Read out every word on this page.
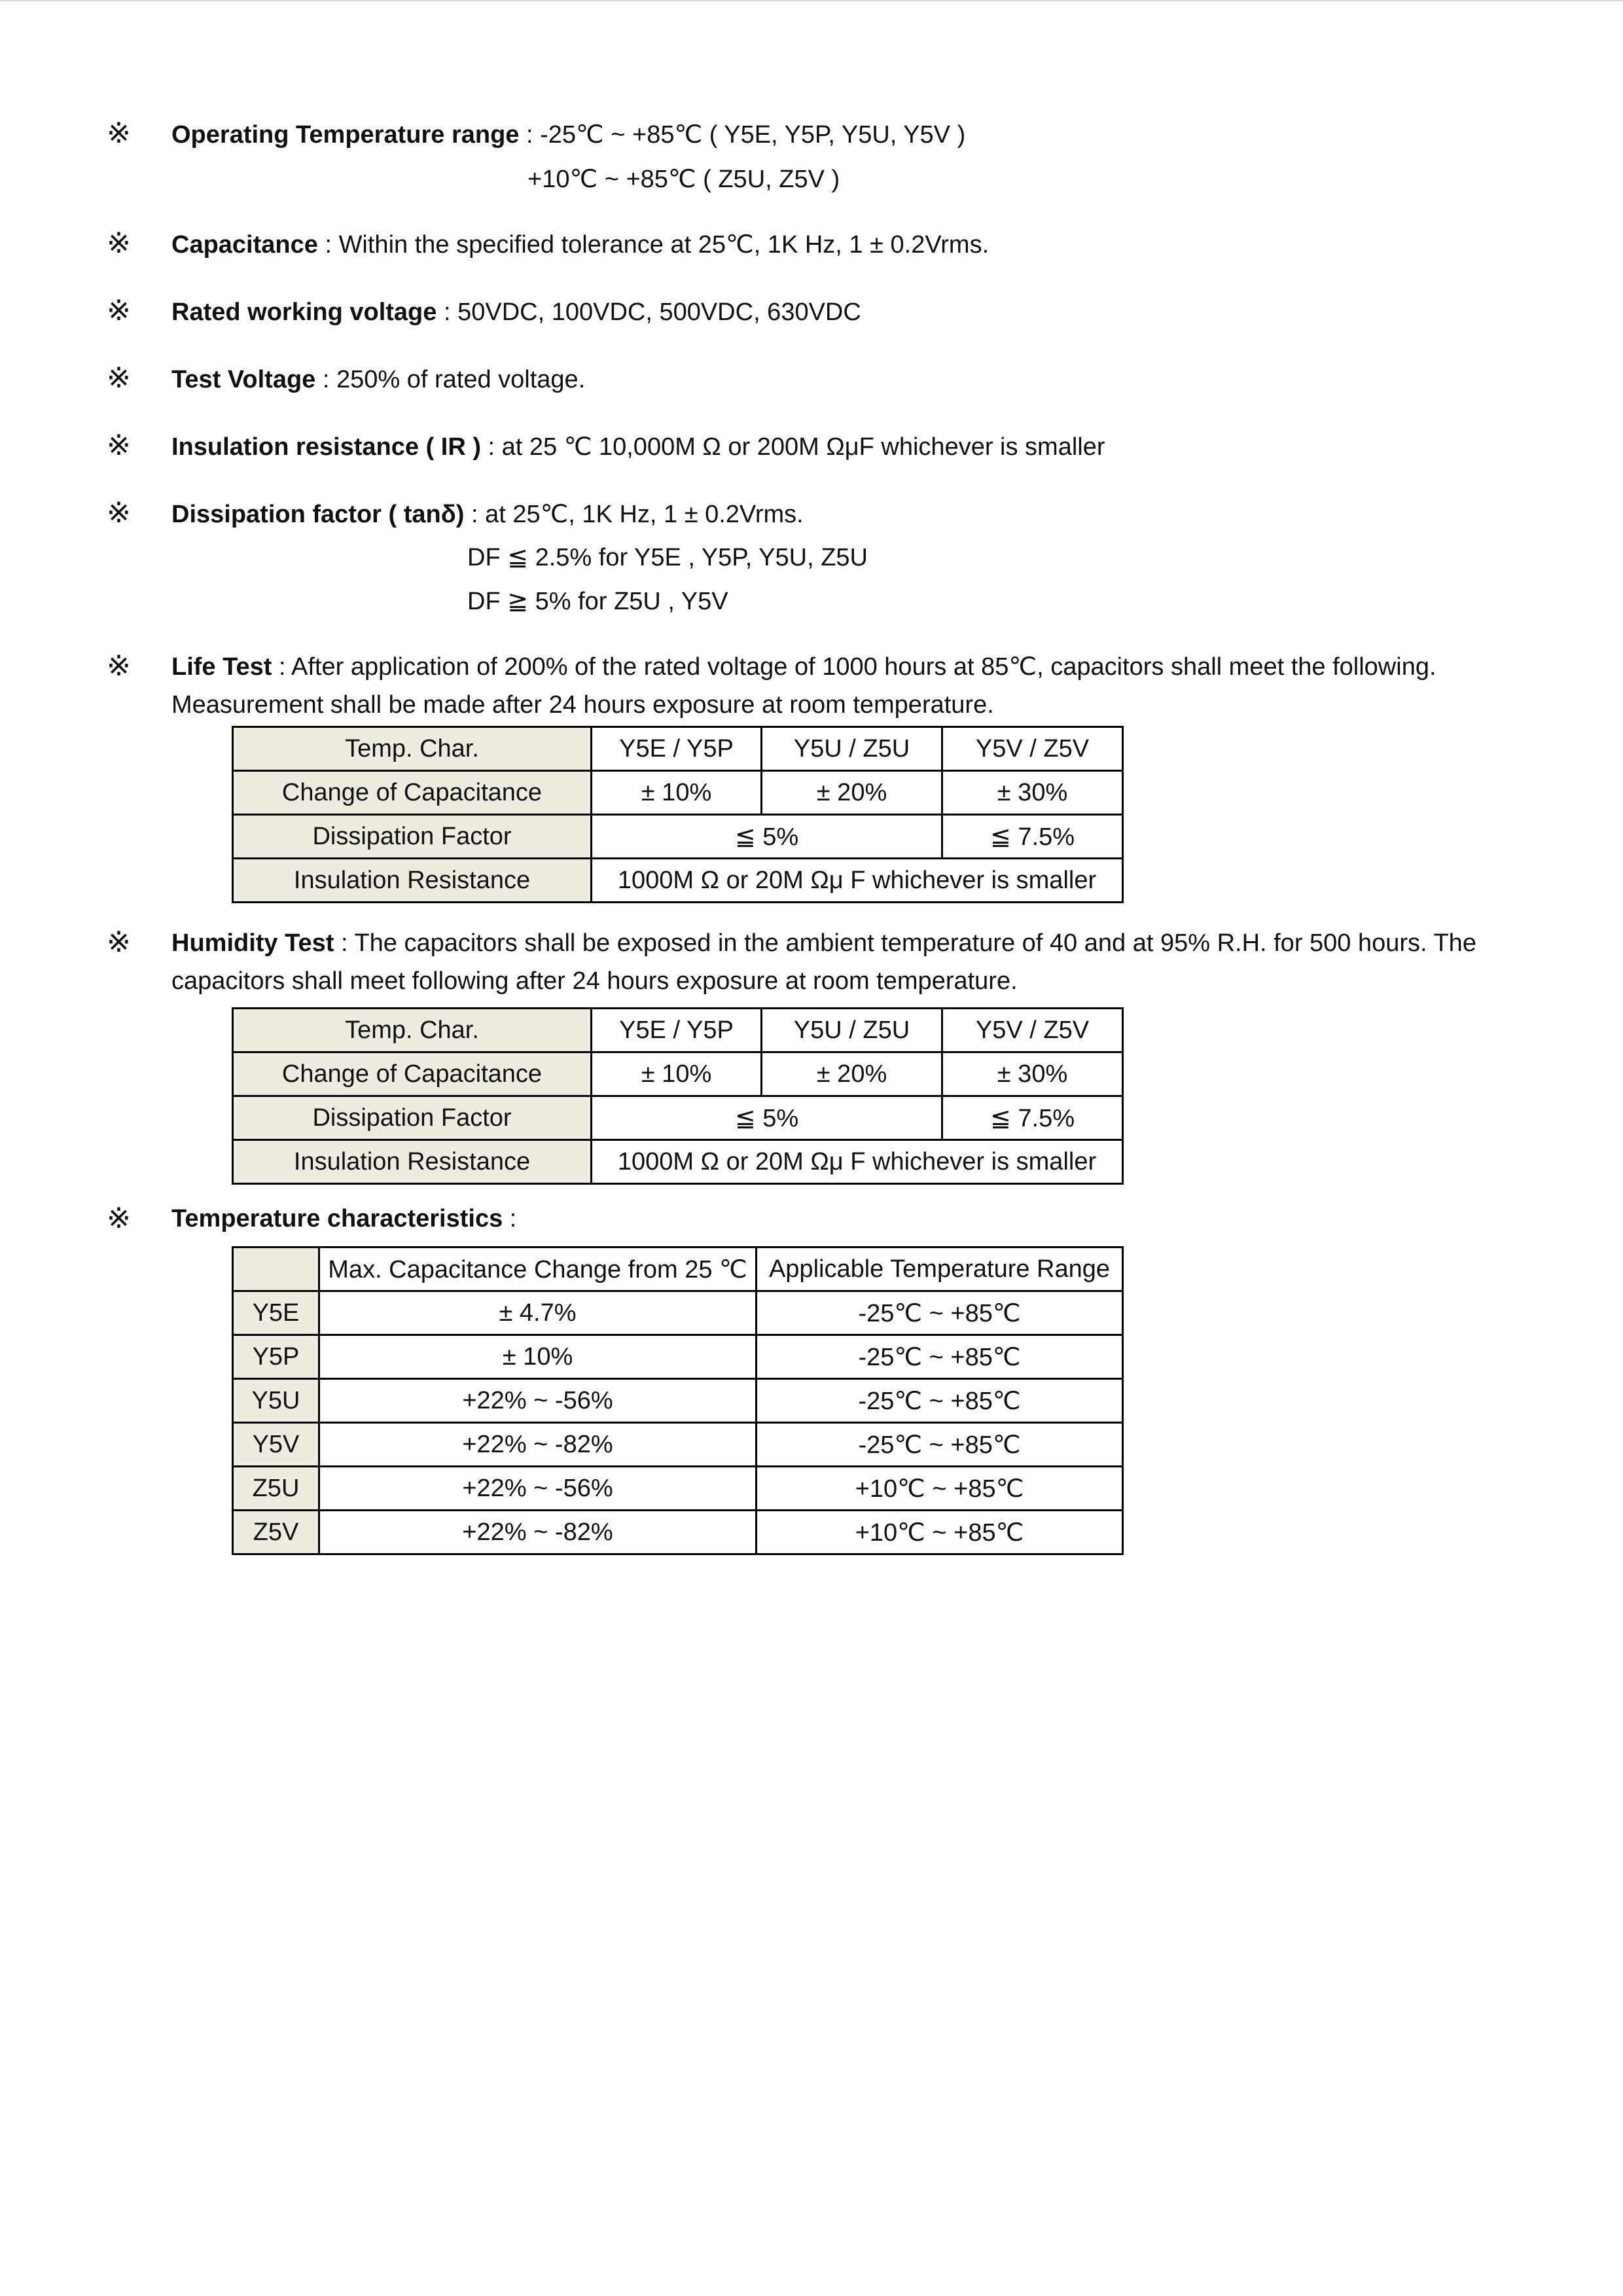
※ Operating Temperature range : -25℃ ~ +85℃ ( Y5E, Y5P, Y5U, Y5V )
+10℃ ~ +85℃ ( Z5U, Z5V )
※ Capacitance : Within the specified tolerance at 25℃, 1K Hz, 1 ± 0.2Vrms.
※ Rated working voltage : 50VDC, 100VDC, 500VDC, 630VDC
※ Test Voltage : 250% of rated voltage.
※ Insulation resistance ( IR ) : at 25 ℃ 10,000M Ω or 200M ΩμF whichever is smaller
※ Dissipation factor ( tanδ) : at 25℃, 1K Hz, 1 ± 0.2Vrms.
DF ≦ 2.5% for Y5E , Y5P, Y5U, Z5U
DF ≧ 5% for Z5U , Y5V
※ Life Test : After application of 200% of the rated voltage of 1000 hours at 85℃, capacitors shall meet the following.
Measurement shall be made after 24 hours exposure at room temperature.
Temp. Char.	Y5E / Y5P	Y5U / Z5U	Y5V / Z5V
Change of Capacitance	± 10%	± 20%	± 30%
Dissipation Factor	≦ 5%		≦ 7.5%
Insulation Resistance	1000M Ω or 20M Ωμ F whichever is smaller		
※ Humidity Test : The capacitors shall be exposed in the ambient temperature of 40 and at 95% R.H. for 500 hours. The
capacitors shall meet following after 24 hours exposure at room temperature.
Temp. Char.	Y5E / Y5P	Y5U / Z5U	Y5V / Z5V
Change of Capacitance	± 10%	± 20%	± 30%
Dissipation Factor	≦ 5%		≦ 7.5%
Insulation Resistance	1000M Ω or 20M Ωμ F whichever is smaller		
※ Temperature characteristics :
	Max. Capacitance Change from 25 ℃	Applicable Temperature Range
Y5E	± 4.7%	-25℃ ~ +85℃
Y5P	± 10%	-25℃ ~ +85℃
Y5U	+22% ~ -56%	-25℃ ~ +85℃
Y5V	+22% ~ -82%	-25℃ ~ +85℃
Z5U	+22% ~ -56%	+10℃ ~ +85℃
Z5V	+22% ~ -82%	+10℃ ~ +85℃
